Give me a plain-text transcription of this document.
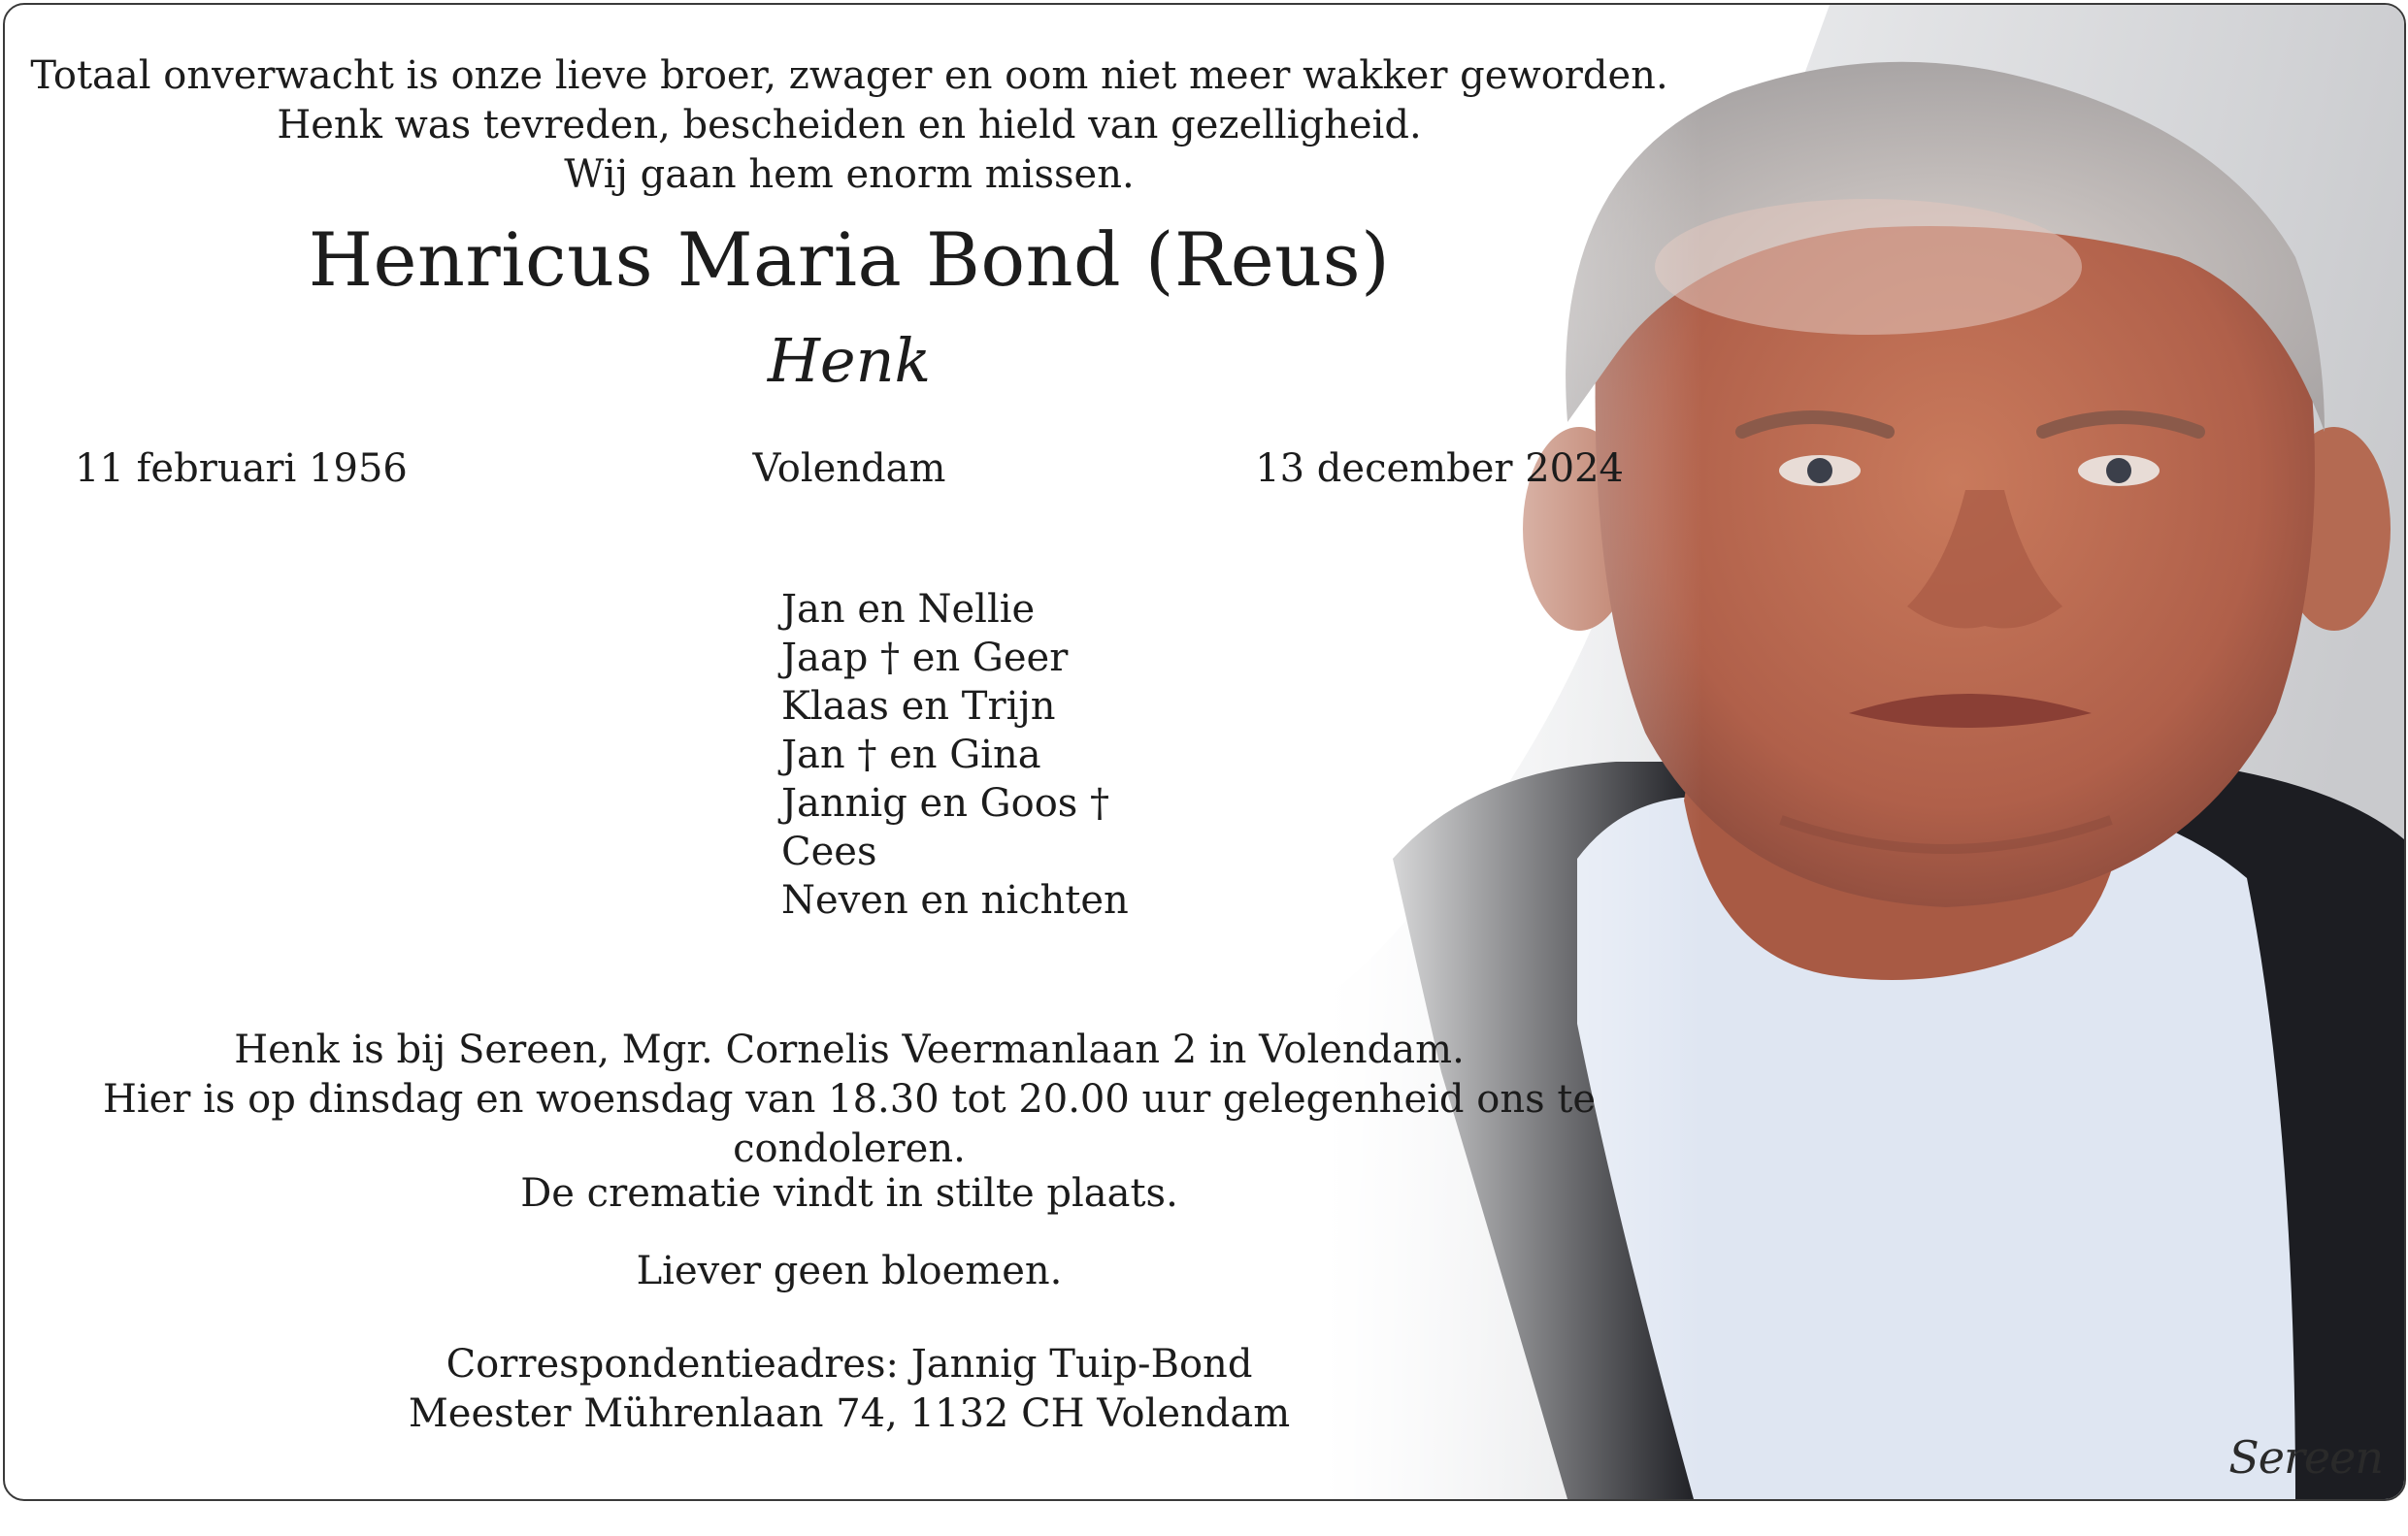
Sereen
Totaal onverwacht is onze lieve broer, zwager en oom niet meer wakker geworden.
Henk was tevreden, bescheiden en hield van gezelligheid.
Wij gaan hem enorm missen.
Henricus Maria Bond (Reus)
Henk
Volendam
11 februari 1956	13 december 2024
Jan en Nellie
Jaap † en Geer
Klaas en Trijn
Jan † en Gina
Jannig en Goos †
Cees
Neven en nichten
Henk is bij Sereen, Mgr. Cornelis Veermanlaan 2 in Volendam.
Hier is op dinsdag en woensdag van 18.30 tot 20.00 uur gelegenheid ons te condoleren.
De crematie vindt in stilte plaats.
Liever geen bloemen.
Correspondentieadres: Jannig Tuip-Bond
Meester Mührenlaan 74, 1132 CH Volendam
